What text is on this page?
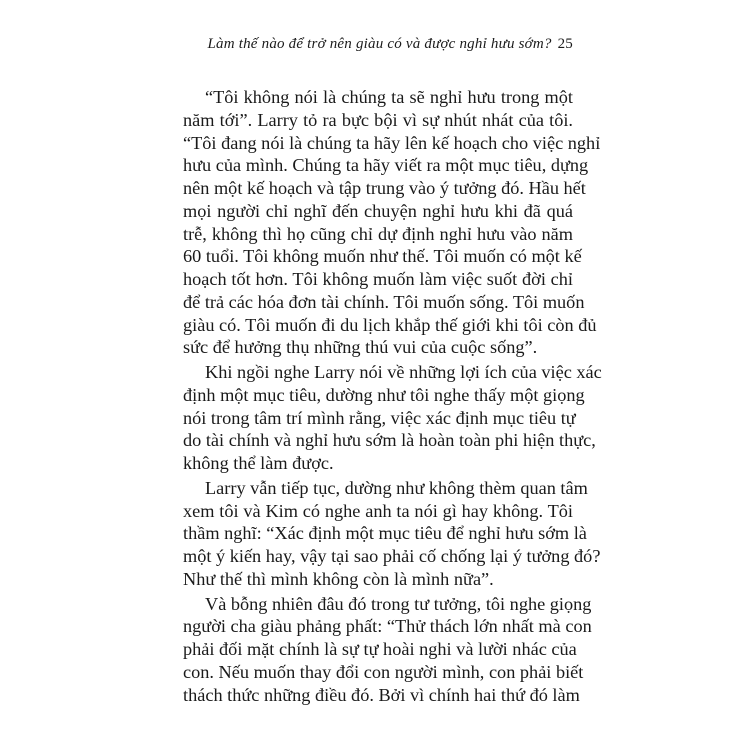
Làm thế nào để trở nên giàu có và được nghỉ hưu sớm? 25
“Tôi không nói là chúng ta sẽ nghỉ hưu trong một
năm tới”. Larry tỏ ra bực bội vì sự nhút nhát của tôi.
“Tôi đang nói là chúng ta hãy lên kế hoạch cho việc nghỉ
hưu của mình. Chúng ta hãy viết ra một mục tiêu, dựng
nên một kế hoạch và tập trung vào ý tưởng đó. Hầu hết
mọi người chỉ nghĩ đến chuyện nghỉ hưu khi đã quá
trễ, không thì họ cũng chỉ dự định nghỉ hưu vào năm
60 tuổi. Tôi không muốn như thế. Tôi muốn có một kế
hoạch tốt hơn. Tôi không muốn làm việc suốt đời chỉ
để trả các hóa đơn tài chính. Tôi muốn sống. Tôi muốn
giàu có. Tôi muốn đi du lịch khắp thế giới khi tôi còn đủ
sức để hưởng thụ những thú vui của cuộc sống”.
Khi ngồi nghe Larry nói về những lợi ích của việc xác
định một mục tiêu, dường như tôi nghe thấy một giọng
nói trong tâm trí mình rằng, việc xác định mục tiêu tự
do tài chính và nghỉ hưu sớm là hoàn toàn phi hiện thực,
không thể làm được.
Larry vẫn tiếp tục, dường như không thèm quan tâm
xem tôi và Kim có nghe anh ta nói gì hay không. Tôi
thầm nghĩ: “Xác định một mục tiêu để nghỉ hưu sớm là
một ý kiến hay, vậy tại sao phải cố chống lại ý tưởng đó?
Như thế thì mình không còn là mình nữa”.
Và bỗng nhiên đâu đó trong tư tưởng, tôi nghe giọng
người cha giàu phảng phất: “Thử thách lớn nhất mà con
phải đối mặt chính là sự tự hoài nghi và lười nhác của
con. Nếu muốn thay đổi con người mình, con phải biết
thách thức những điều đó. Bởi vì chính hai thứ đó làm
